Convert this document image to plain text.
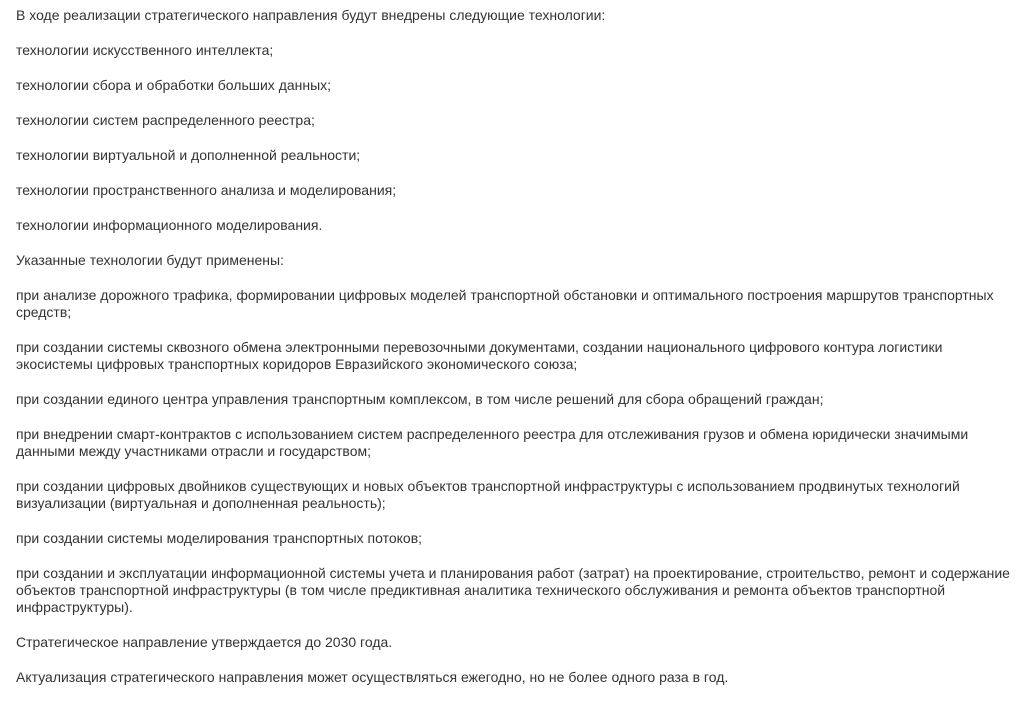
В ходе реализации стратегического направления будут внедрены следующие технологии:

технологии искусственного интеллекта;

технологии сбора и обработки больших данных;

технологии систем распределенного реестра;

технологии виртуальной и дополненной реальности;

технологии пространственного анализа и моделирования;

технологии информационного моделирования.

Указанные технологии будут применены:

при анализе дорожного трафика, формировании цифровых моделей транспортной обстановки и оптимального построения маршрутов транспортных средств;

при создании системы сквозного обмена электронными перевозочными документами, создании национального цифрового контура логистики экосистемы цифровых транспортных коридоров Евразийского экономического союза;

при создании единого центра управления транспортным комплексом, в том числе решений для сбора обращений граждан;

при внедрении смарт-контрактов с использованием систем распределенного реестра для отслеживания грузов и обмена юридически значимыми данными между участниками отрасли и государством;

при создании цифровых двойников существующих и новых объектов транспортной инфраструктуры с использованием продвинутых технологий визуализации (виртуальная и дополненная реальность);

при создании системы моделирования транспортных потоков;

при создании и эксплуатации информационной системы учета и планирования работ (затрат) на проектирование, строительство, ремонт и содержание объектов транспортной инфраструктуры (в том числе предиктивная аналитика технического обслуживания и ремонта объектов транспортной инфраструктуры).

Стратегическое направление утверждается до 2030 года.

Актуализация стратегического направления может осуществляться ежегодно, но не более одного раза в год.
